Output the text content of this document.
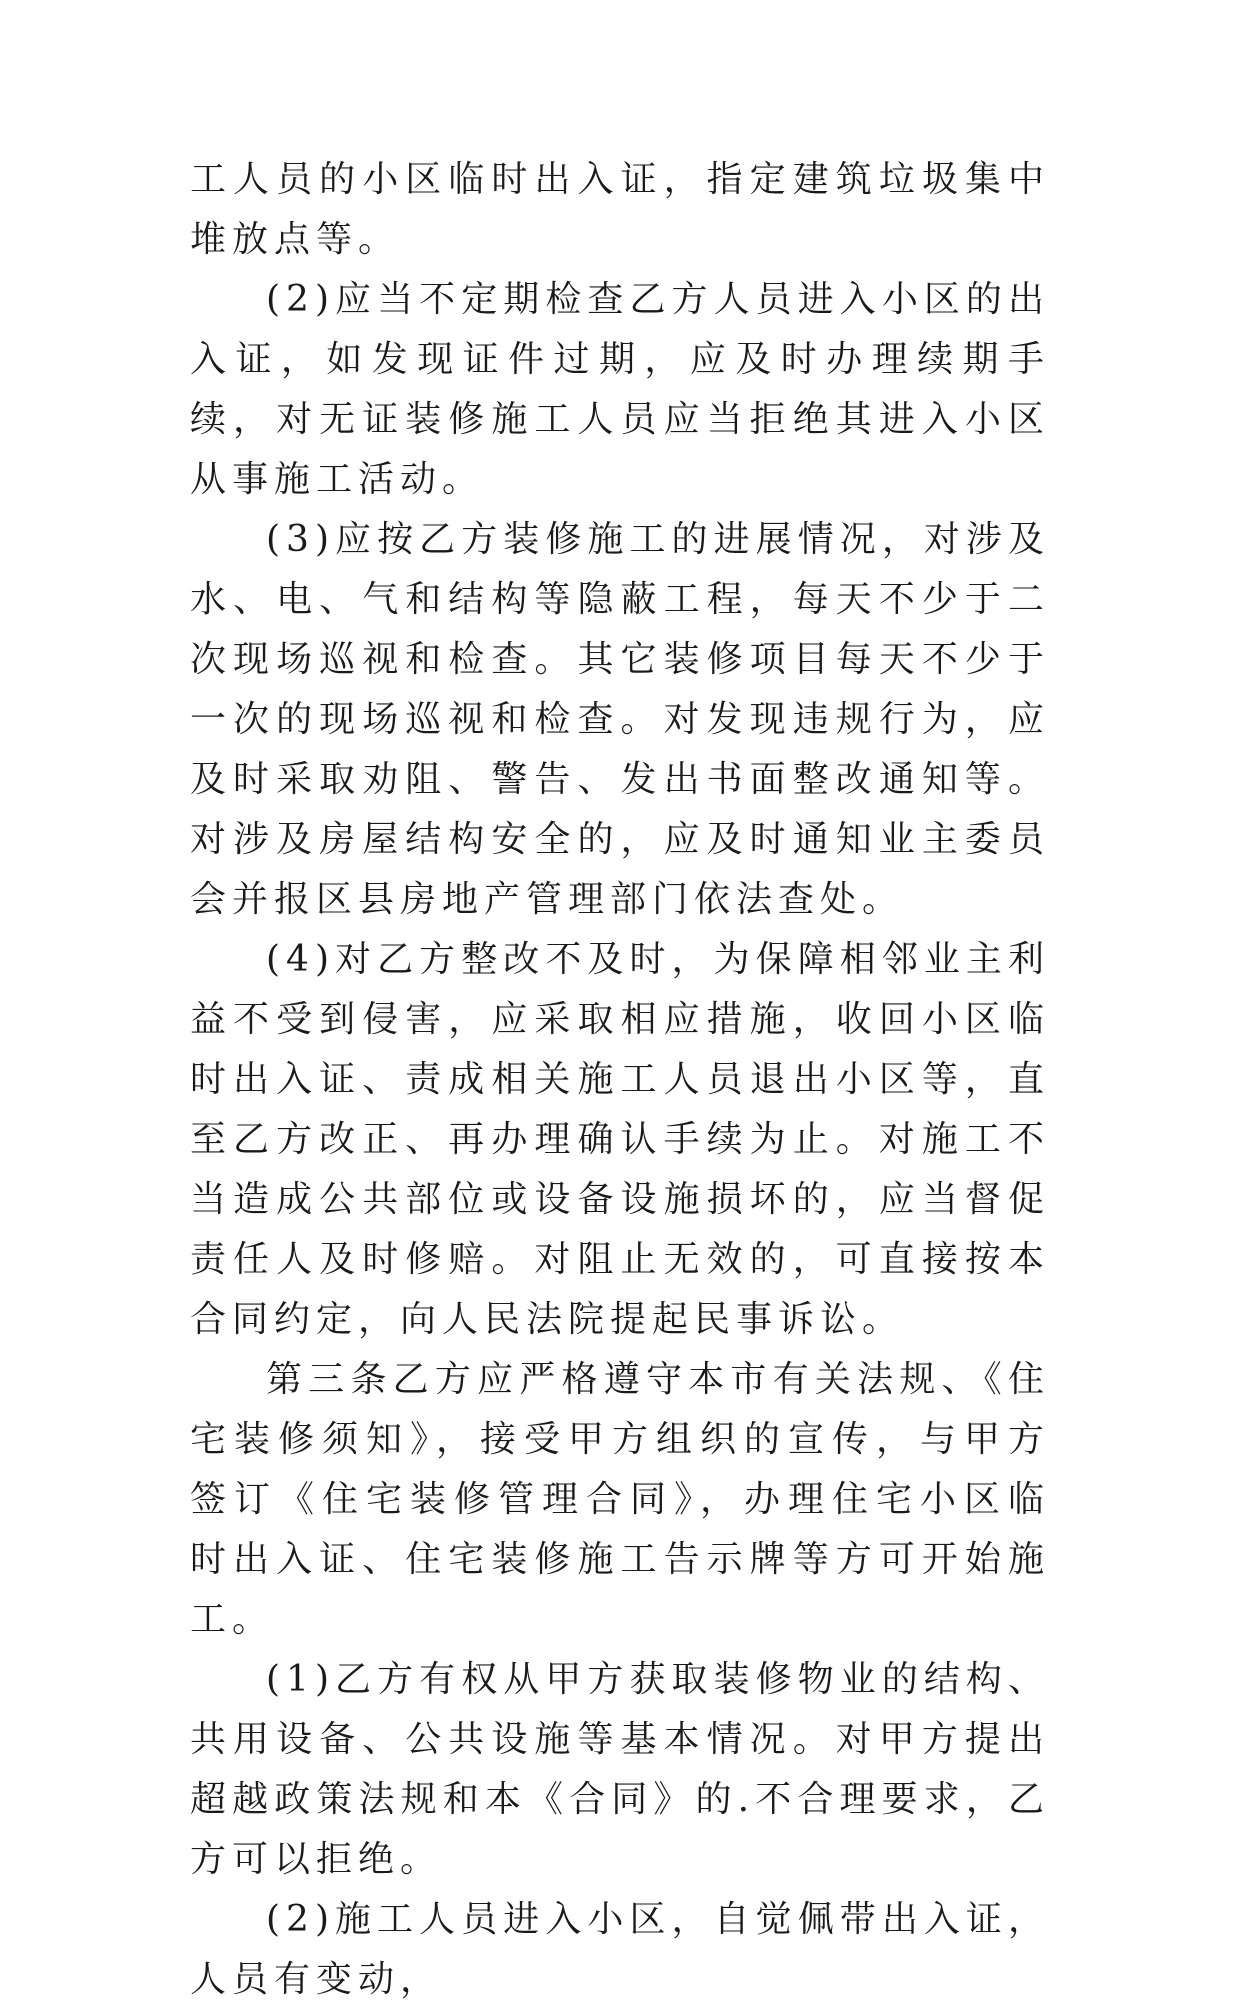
工人员的小区临时出入证，指定建筑垃圾集中堆放点等。

(2)应当不定期检查乙方人员进入小区的出入证，如发现证件过期，应及时办理续期手续，对无证装修施工人员应当拒绝其进入小区从事施工活动。

(3)应按乙方装修施工的进展情况，对涉及水、电、气和结构等隐蔽工程，每天不少于二次现场巡视和检查。其它装修项目每天不少于一次的现场巡视和检查。对发现违规行为，应及时采取劝阻、警告、发出书面整改通知等。对涉及房屋结构安全的，应及时通知业主委员会并报区县房地产管理部门依法查处。

(4)对乙方整改不及时，为保障相邻业主利益不受到侵害，应采取相应措施，收回小区临时出入证、责成相关施工人员退出小区等，直至乙方改正、再办理确认手续为止。对施工不当造成公共部位或设备设施损坏的，应当督促责任人及时修赔。对阻止无效的，可直接按本合同约定，向人民法院提起民事诉讼。

第三条乙方应严格遵守本市有关法规、《住宅装修须知》，接受甲方组织的宣传，与甲方签订《住宅装修管理合同》，办理住宅小区临时出入证、住宅装修施工告示牌等方可开始施工。

(1)乙方有权从甲方获取装修物业的结构、共用设备、公共设施等基本情况。对甲方提出超越政策法规和本《合同》的.不合理要求，乙方可以拒绝。

(2)施工人员进入小区，自觉佩带出入证，人员有变动，
